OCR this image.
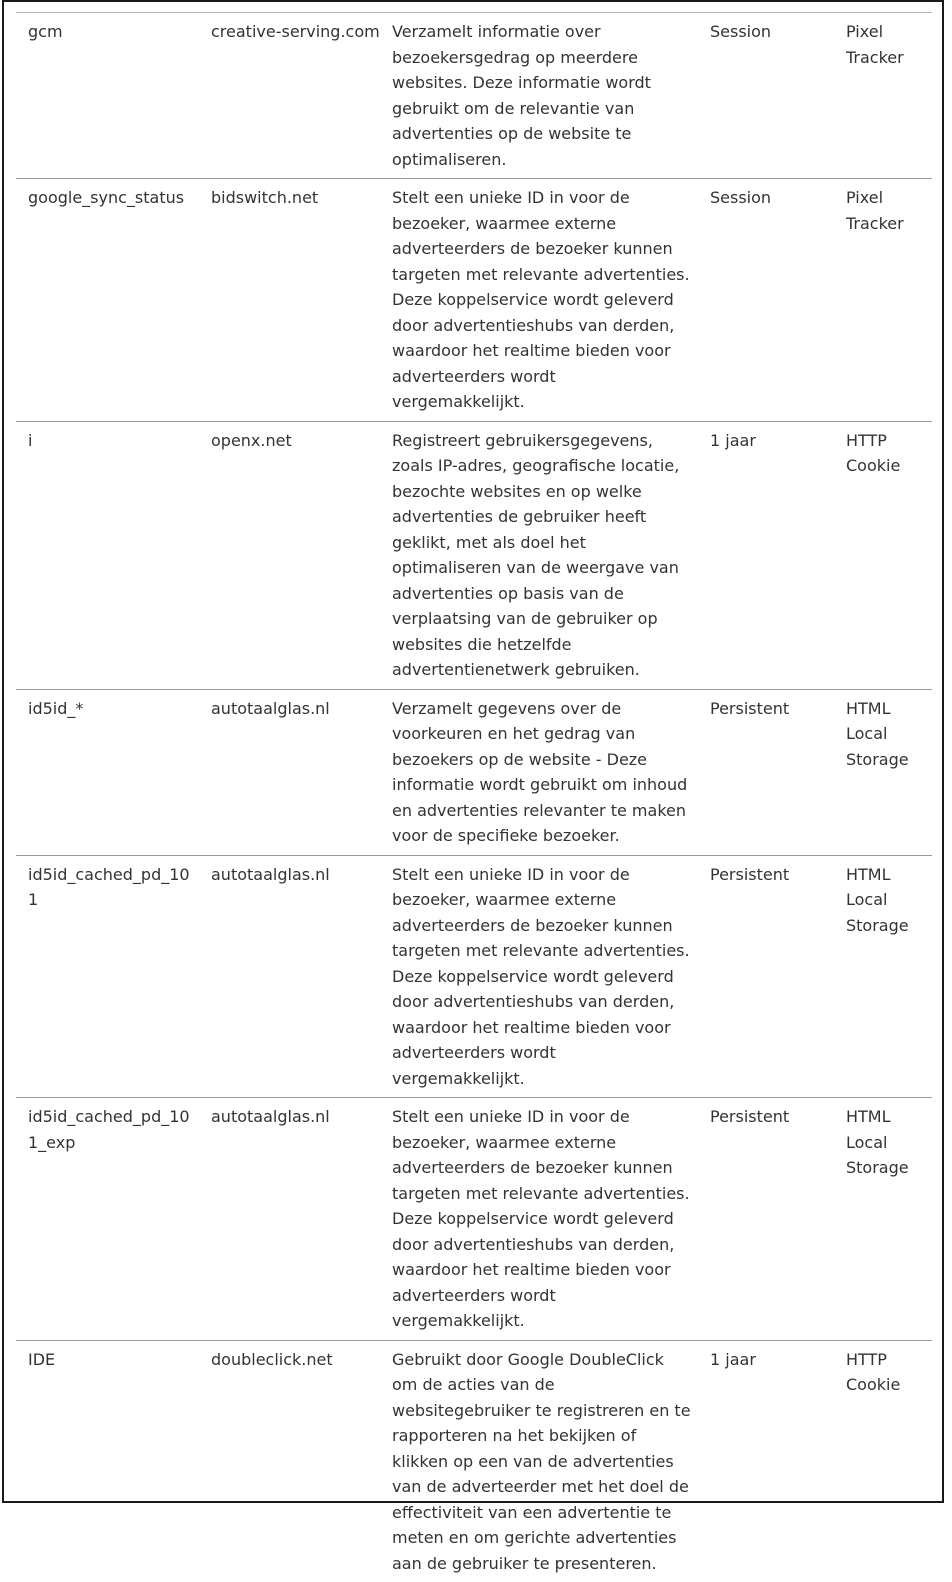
gcm	creative-serving.com	Verzamelt informatie over bezoekersgedrag op meerdere websites. Deze informatie wordt gebruikt om de relevantie van advertenties op de website te optimaliseren.	Session	Pixel Tracker
google_sync_status	bidswitch.net	Stelt een unieke ID in voor de bezoeker, waarmee externe adverteerders de bezoeker kunnen targeten met relevante advertenties. Deze koppelservice wordt geleverd door advertentieshubs van derden, waardoor het realtime bieden voor adverteerders wordt vergemakkelijkt.	Session	Pixel Tracker
i	openx.net	Registreert gebruikersgegevens, zoals IP-adres, geografische locatie, bezochte websites en op welke advertenties de gebruiker heeft geklikt, met als doel het optimaliseren van de weergave van advertenties op basis van de verplaatsing van de gebruiker op websites die hetzelfde advertentienetwerk gebruiken.	1 jaar	HTTP Cookie
id5id_*	autotaalglas.nl	Verzamelt gegevens over de voorkeuren en het gedrag van bezoekers op de website - Deze informatie wordt gebruikt om inhoud en advertenties relevanter te maken voor de specifieke bezoeker.	Persistent	HTML Local Storage
id5id_cached_pd_101	autotaalglas.nl	Stelt een unieke ID in voor de bezoeker, waarmee externe adverteerders de bezoeker kunnen targeten met relevante advertenties. Deze koppelservice wordt geleverd door advertentieshubs van derden, waardoor het realtime bieden voor adverteerders wordt vergemakkelijkt.	Persistent	HTML Local Storage
id5id_cached_pd_101_exp	autotaalglas.nl	Stelt een unieke ID in voor de bezoeker, waarmee externe adverteerders de bezoeker kunnen targeten met relevante advertenties. Deze koppelservice wordt geleverd door advertentieshubs van derden, waardoor het realtime bieden voor adverteerders wordt vergemakkelijkt.	Persistent	HTML Local Storage
IDE	doubleclick.net	Gebruikt door Google DoubleClick om de acties van de websitegebruiker te registreren en te rapporteren na het bekijken of klikken op een van de advertenties van de adverteerder met het doel de effectiviteit van een advertentie te meten en om gerichte advertenties aan de gebruiker te presenteren.	1 jaar	HTTP Cookie
